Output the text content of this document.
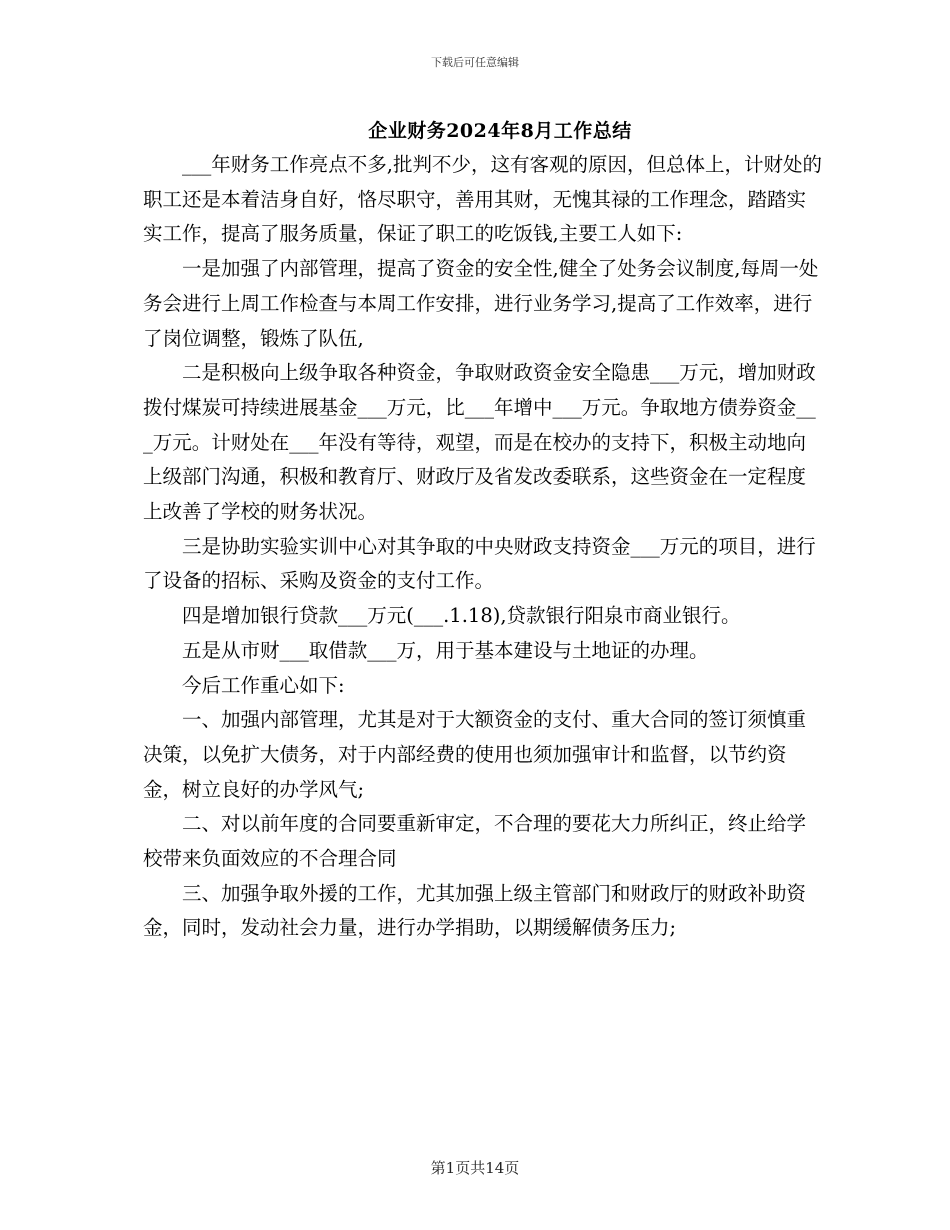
下载后可任意编辑
企业财务2024年8月工作总结

___年财务工作亮点不多,批判不少，这有客观的原因，但总体上，计财处的职工还是本着洁身自好，恪尽职守，善用其财，无愧其禄的工作理念，踏踏实实工作，提高了服务质量，保证了职工的吃饭钱,主要工人如下:

一是加强了内部管理，提高了资金的安全性,健全了处务会议制度,每周一处务会进行上周工作检查与本周工作安排，进行业务学习,提高了工作效率，进行了岗位调整，锻炼了队伍,

二是积极向上级争取各种资金，争取财政资金安全隐患___万元，增加财政拨付煤炭可持续进展基金___万元，比___年增中___万元。争取地方债券资金___万元。计财处在___年没有等待，观望，而是在校办的支持下，积极主动地向上级部门沟通，积极和教育厅、财政厅及省发改委联系，这些资金在一定程度上改善了学校的财务状况。

三是协助实验实训中心对其争取的中央财政支持资金___万元的项目，进行了设备的招标、采购及资金的支付工作。

四是增加银行贷款___万元(___.1.18),贷款银行阳泉市商业银行。

五是从市财___取借款___万，用于基本建设与土地证的办理。

今后工作重心如下:

一、加强内部管理，尤其是对于大额资金的支付、重大合同的签订须慎重决策，以免扩大债务，对于内部经费的使用也须加强审计和监督，以节约资金，树立良好的办学风气;

二、对以前年度的合同要重新审定，不合理的要花大力所纠正，终止给学校带来负面效应的不合理合同

三、加强争取外援的工作，尤其加强上级主管部门和财政厅的财政补助资金，同时，发动社会力量，进行办学捐助，以期缓解债务压力;

第1页共14页
